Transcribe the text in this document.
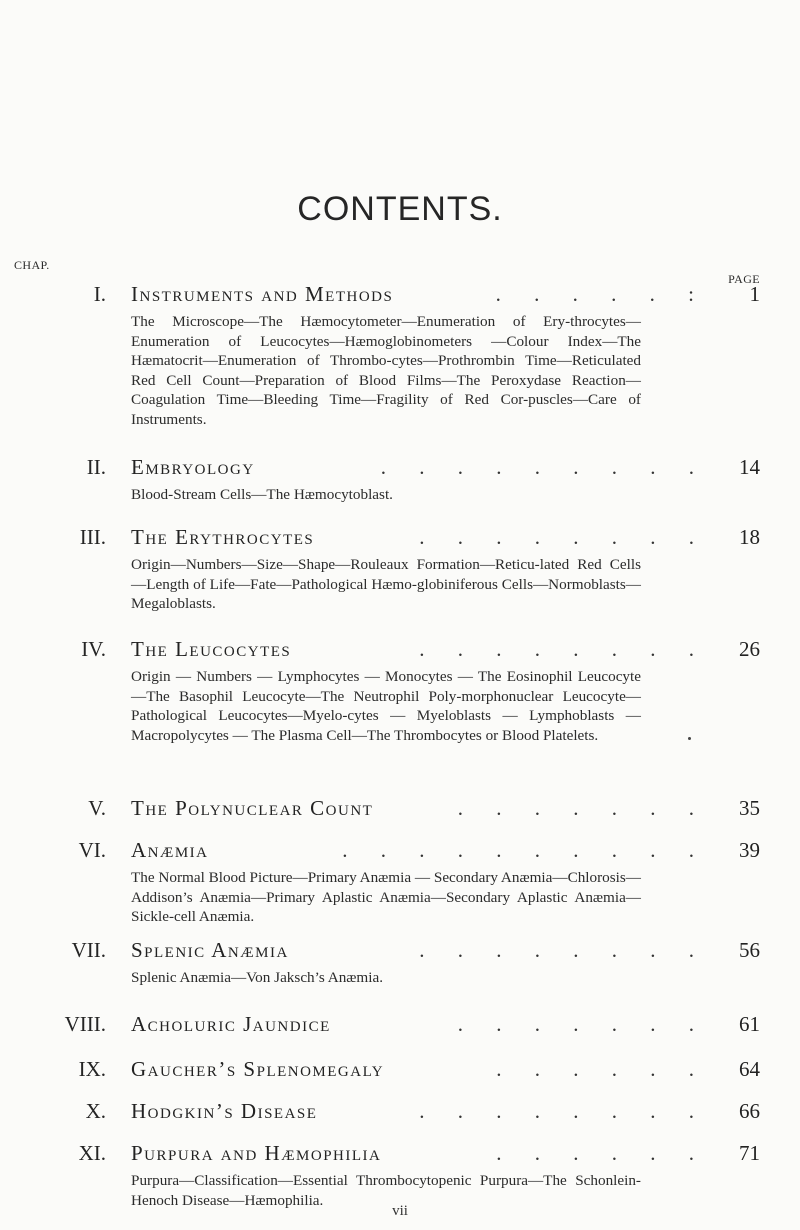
CONTENTS.
CHAP.
PAGE
I. Instruments and Methods	. . . . . : 1
The Microscope—The Hæmocytometer—Enumeration of Ery-throcytes—Enumeration of Leucocytes—Hæmoglobinometers —Colour Index—The Hæmatocrit—Enumeration of Thrombo-cytes—Prothrombin Time—Reticulated Red Cell Count—Preparation of Blood Films—The Peroxydase Reaction—Coagulation Time—Bleeding Time—Fragility of Red Cor-puscles—Care of Instruments.
II. Embryology	. . . . . . . . . 14
Blood-Stream Cells—The Hæmocytoblast.
III. The Erythrocytes	. . . . . . . . 18
Origin—Numbers—Size—Shape—Rouleaux Formation—Reticu-lated Red Cells—Length of Life—Fate—Pathological Hæmo-globiniferous Cells—Normoblasts—Megaloblasts.
IV. The Leucocytes	. . . . . . . . 26
Origin — Numbers — Lymphocytes — Monocytes — The Eosinophil Leucocyte—The Basophil Leucocyte—The Neutrophil Poly-morphonuclear Leucocyte—Pathological Leucocytes—Myelo-cytes — Myeloblasts — Lymphoblasts — Macropolycytes — The Plasma Cell—The Thrombocytes or Blood Platelets.
V. The Polynuclear Count	. . . . . . . 35
VI. Anæmia	. . . . . . . . . . 39
The Normal Blood Picture—Primary Anæmia — Secondary Anæmia—Chlorosis—Addison’s Anæmia—Primary Aplastic Anæmia—Secondary Aplastic Anæmia—Sickle-cell Anæmia.
VII. Splenic Anæmia	. . . . . . . . 56
Splenic Anæmia—Von Jaksch’s Anæmia.
VIII. Acholuric Jaundice	. . . . . . . 61
IX. Gaucher’s Splenomegaly	. . . . . . 64
X. Hodgkin’s Disease	. . . . . . . . 66
XI. Purpura and Hæmophilia	. . . . . . 71
Purpura—Classification—Essential Thrombocytopenic Purpura—The Schonlein-Henoch Disease—Hæmophilia.
vii
